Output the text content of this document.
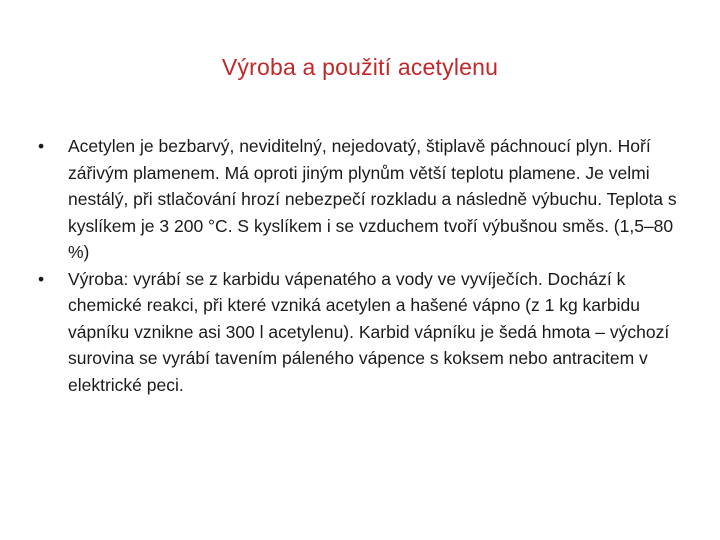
Výroba a použití acetylenu
•	Acetylen je bezbarvý, neviditelný, nejedovatý, štiplavě páchnoucí plyn. Hoří zářivým plamenem. Má oproti jiným plynům větší teplotu plamene. Je velmi nestálý, při stlačování hrozí nebezpečí rozkladu a následně výbuchu. Teplota s kyslíkem je 3 200 °C. S kyslíkem i se vzduchem tvoří výbušnou směs. (1,5–80 %)
•	Výroba: vyrábí se z karbidu vápenatého a vody ve vyvíječích. Dochází k chemické reakci, při které vzniká acetylen a hašené vápno (z 1 kg karbidu vápníku vznikne asi 300 l acetylenu). Karbid vápníku je šedá hmota – výchozí surovina se vyrábí tavením páleného vápence s koksem nebo antracitem v elektrické peci.
